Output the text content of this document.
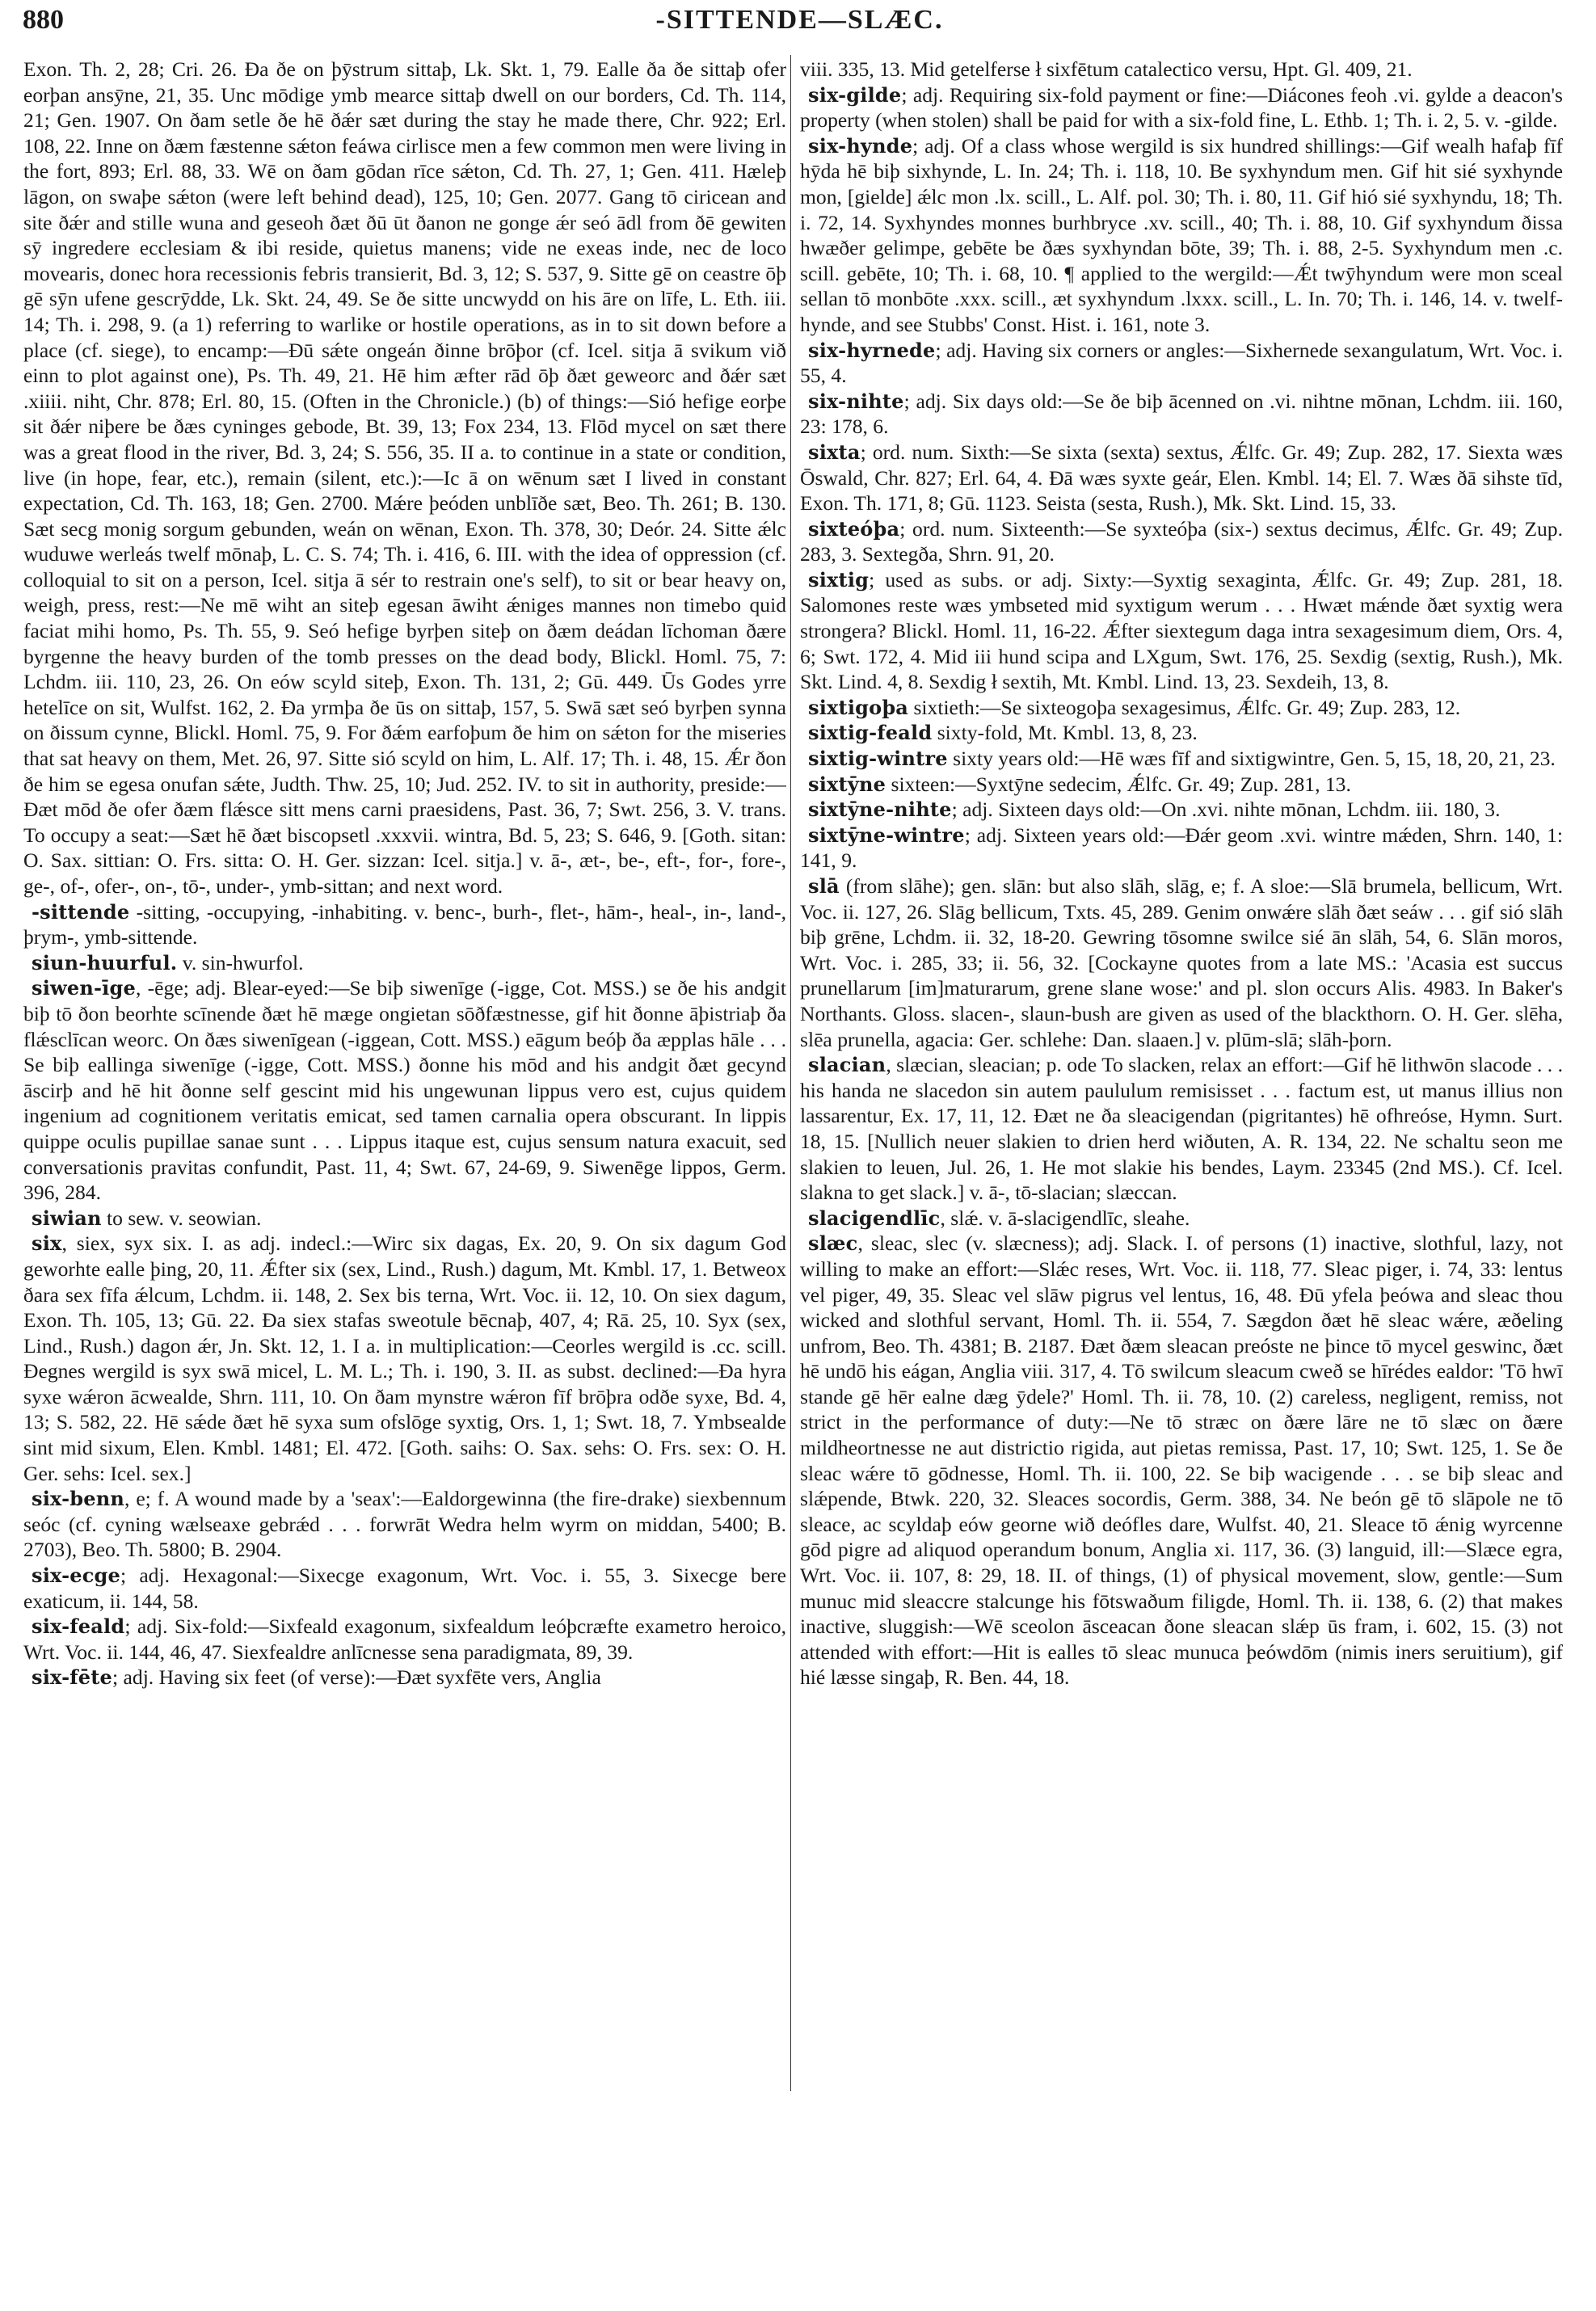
880	-SITTENDE—SLÆC.

Exon. Th. 2, 28; Cri. 26. Ða ðe on þȳstrum sittaþ, Lk. Skt. 1, 79. Ealle ða ðe sittaþ ofer eorþan ansȳne, 21, 35. Unc mōdige ymb mearce sittaþ dwell on our borders, Cd. Th. 114, 21; Gen. 1907. On ðam setle ðe hē ðǽr sæt during the stay he made there, Chr. 922; Erl. 108, 22. Inne on ðæm fæstenne sǽton feáwa cirlisce men a few common men were living in the fort, 893; Erl. 88, 33. Wē on ðam gōdan rīce sǽton, Cd. Th. 27, 1; Gen. 411. Hæleþ lāgon, on swaþe sǽton (were left behind dead), 125, 10; Gen. 2077. Gang tō ciricean and site ðǽr and stille wuna and geseoh ðæt ðū ūt ðanon ne gonge ǽr seó ādl from ðē gewiten sȳ ingredere ecclesiam & ibi reside, quietus manens; vide ne exeas inde, nec de loco movearis, donec hora recessionis febris transierit, Bd. 3, 12; S. 537, 9. Sitte gē on ceastre ōþ gē sȳn ufene gescrȳdde, Lk. Skt. 24, 49. Se ðe sitte uncwydd on his āre on līfe, L. Eth. iii. 14; Th. i. 298, 9. (a 1) referring to warlike or hostile operations, as in to sit down before a place (cf. siege), to encamp:—Ðū sǽte ongeán ðinne brōþor (cf. Icel. sitja ā svikum við einn to plot against one), Ps. Th. 49, 21. Hē him æfter rād ōþ ðæt geweorc and ðǽr sæt .xiiii. niht, Chr. 878; Erl. 80, 15. (Often in the Chronicle.) (b) of things:—Sió hefige eorþe sit ðǽr niþere be ðæs cyninges gebode, Bt. 39, 13; Fox 234, 13. Flōd mycel on sæt there was a great flood in the river, Bd. 3, 24; S. 556, 35. II a. to continue in a state or condition, live (in hope, fear, etc.), remain (silent, etc.):—Ic ā on wēnum sæt I lived in constant expectation, Cd. Th. 163, 18; Gen. 2700. Mǽre þeóden unblīðe sæt, Beo. Th. 261; B. 130. Sæt secg monig sorgum gebunden, weán on wēnan, Exon. Th. 378, 30; Deór. 24. Sitte ǽlc wuduwe werleás twelf mōnaþ, L. C. S. 74; Th. i. 416, 6. III. with the idea of oppression (cf. colloquial to sit on a person, Icel. sitja ā sér to restrain one's self), to sit or bear heavy on, weigh, press, rest:—Ne mē wiht an siteþ egesan āwiht ǽniges mannes non timebo quid faciat mihi homo, Ps. Th. 55, 9. Seó hefige byrþen siteþ on ðæm deádan līchoman ðære byrgenne the heavy burden of the tomb presses on the dead body, Blickl. Homl. 75, 7: Lchdm. iii. 110, 23, 26. On eów scyld siteþ, Exon. Th. 131, 2; Gū. 449. Ūs Godes yrre hetelīce on sit, Wulfst. 162, 2. Ða yrmþa ðe ūs on sittaþ, 157, 5. Swā sæt seó byrþen synna on ðissum cynne, Blickl. Homl. 75, 9. For ðǽm earfoþum ðe him on sǽton for the miseries that sat heavy on them, Met. 26, 97. Sitte sió scyld on him, L. Alf. 17; Th. i. 48, 15. Ǽr ðon ðe him se egesa onufan sǽte, Judth. Thw. 25, 10; Jud. 252. IV. to sit in authority, preside:—Ðæt mōd ðe ofer ðæm flǽsce sitt mens carni praesidens, Past. 36, 7; Swt. 256, 3. V. trans. To occupy a seat:—Sæt hē ðæt biscopsetl .xxxvii. wintra, Bd. 5, 23; S. 646, 9. [Goth. sitan: O. Sax. sittian: O. Frs. sitta: O. H. Ger. sizzan: Icel. sitja.] v. ā-, æt-, be-, eft-, for-, fore-, ge-, of-, ofer-, on-, tō-, under-, ymb-sittan; and next word.

-sittende -sitting, -occupying, -inhabiting. v. benc-, burh-, flet-, hām-, heal-, in-, land-, þrym-, ymb-sittende.

siun-huurful. v. sin-hwurfol.

siwen-īge, -ēge; adj. Blear-eyed:—Se biþ siwenīge (-igge, Cot. MSS.) se ðe his andgit biþ tō ðon beorhte scīnende ðæt hē mæge ongietan sōðfæstnesse, gif hit ðonne āþistriaþ ða flǽsclīcan weorc. On ðæs siwenīgean (-iggean, Cott. MSS.) eāgum beóþ ða æpplas hāle . . . Se biþ eallinga siwenīge (-igge, Cott. MSS.) ðonne his mōd and his andgit ðæt gecynd āscirþ and hē hit ðonne self gescint mid his ungewunan lippus vero est, cujus quidem ingenium ad cognitionem veritatis emicat, sed tamen carnalia opera obscurant. In lippis quippe oculis pupillae sanae sunt . . . Lippus itaque est, cujus sensum natura exacuit, sed conversationis pravitas confundit, Past. 11, 4; Swt. 67, 24-69, 9. Siwenēge lippos, Germ. 396, 284.

siwian to sew. v. seowian.

six, siex, syx six. I. as adj. indecl.:—Wirc six dagas, Ex. 20, 9. On six dagum God geworhte ealle þing, 20, 11. Ǽfter six (sex, Lind., Rush.) dagum, Mt. Kmbl. 17, 1. Betweox ðara sex fīfa ǽlcum, Lchdm. ii. 148, 2. Sex bis terna, Wrt. Voc. ii. 12, 10. On siex dagum, Exon. Th. 105, 13; Gū. 22. Ða siex stafas sweotule bēcnaþ, 407, 4; Rā. 25, 10. Syx (sex, Lind., Rush.) dagon ǽr, Jn. Skt. 12, 1. I a. in multiplication:—Ceorles wergild is .cc. scill. Ðegnes wergild is syx swā micel, L. M. L.; Th. i. 190, 3. II. as subst. declined:—Ða hyra syxe wǽron ācwealde, Shrn. 111, 10. On ðam mynstre wǽron fīf brōþra odðe syxe, Bd. 4, 13; S. 582, 22. Hē sǽde ðæt hē syxa sum ofslōge syxtig, Ors. 1, 1; Swt. 18, 7. Ymbsealde sint mid sixum, Elen. Kmbl. 1481; El. 472. [Goth. saihs: O. Sax. sehs: O. Frs. sex: O. H. Ger. sehs: Icel. sex.]

six-benn, e; f. A wound made by a 'seax':—Ealdorgewinna (the fire-drake) siexbennum seóc (cf. cyning wælseaxe gebrǽd . . . forwrāt Wedra helm wyrm on middan, 5400; B. 2703), Beo. Th. 5800; B. 2904.

six-ecge; adj. Hexagonal:—Sixecge exagonum, Wrt. Voc. i. 55, 3. Sixecge bere exaticum, ii. 144, 58.

six-feald; adj. Six-fold:—Sixfeald exagonum, sixfealdum leóþcræfte exametro heroico, Wrt. Voc. ii. 144, 46, 47. Siexfealdre anlīcnesse sena paradigmata, 89, 39.

six-fēte; adj. Having six feet (of verse):—Ðæt syxfēte vers, Anglia

viii. 335, 13. Mid getelferse ł sixfētum catalectico versu, Hpt. Gl. 409, 21.

six-gilde; adj. Requiring six-fold payment or fine:—Diácones feoh .vi. gylde a deacon's property (when stolen) shall be paid for with a six-fold fine, L. Ethb. 1; Th. i. 2, 5. v. -gilde.

six-hynde; adj. Of a class whose wergild is six hundred shillings:—Gif wealh hafaþ fīf hȳda hē biþ sixhynde, L. In. 24; Th. i. 118, 10. Be syxhyndum men. Gif hit sié syxhynde mon, [gielde] ǽlc mon .lx. scill., L. Alf. pol. 30; Th. i. 80, 11. Gif hió sié syxhyndu, 18; Th. i. 72, 14. Syxhyndes monnes burhbryce .xv. scill., 40; Th. i. 88, 10. Gif syxhyndum ðissa hwæðer gelimpe, gebēte be ðæs syxhyndan bōte, 39; Th. i. 88, 2-5. Syxhyndum men .c. scill. gebēte, 10; Th. i. 68, 10. ¶ applied to the wergild:—Ǽt twȳhyndum were mon sceal sellan tō monbōte .xxx. scill., æt syxhyndum .lxxx. scill., L. In. 70; Th. i. 146, 14. v. twelf-hynde, and see Stubbs' Const. Hist. i. 161, note 3.

six-hyrnede; adj. Having six corners or angles:—Sixhernede sexangulatum, Wrt. Voc. i. 55, 4.

six-nihte; adj. Six days old:—Se ðe biþ ācenned on .vi. nihtne mōnan, Lchdm. iii. 160, 23: 178, 6.

sixta; ord. num. Sixth:—Se sixta (sexta) sextus, Ǽlfc. Gr. 49; Zup. 282, 17. Siexta wæs Ōswald, Chr. 827; Erl. 64, 4. Ðā wæs syxte geár, Elen. Kmbl. 14; El. 7. Wæs ðā sihste tīd, Exon. Th. 171, 8; Gū. 1123. Seista (sesta, Rush.), Mk. Skt. Lind. 15, 33.

sixteóþa; ord. num. Sixteenth:—Se syxteóþa (six-) sextus decimus, Ǽlfc. Gr. 49; Zup. 283, 3. Sextegða, Shrn. 91, 20.

sixtig; used as subs. or adj. Sixty:—Syxtig sexaginta, Ǽlfc. Gr. 49; Zup. 281, 18. Salomones reste wæs ymbseted mid syxtigum werum . . . Hwæt mǽnde ðæt syxtig wera strongera? Blickl. Homl. 11, 16-22. Ǽfter siextegum daga intra sexagesimum diem, Ors. 4, 6; Swt. 172, 4. Mid iii hund scipa and LXgum, Swt. 176, 25. Sexdig (sextig, Rush.), Mk. Skt. Lind. 4, 8. Sexdig ł sextih, Mt. Kmbl. Lind. 13, 23. Sexdeih, 13, 8.

sixtigoþa sixtieth:—Se sixteogoþa sexagesimus, Ǽlfc. Gr. 49; Zup. 283, 12.

sixtig-feald sixty-fold, Mt. Kmbl. 13, 8, 23.

sixtig-wintre sixty years old:—Hē wæs fīf and sixtigwintre, Gen. 5, 15, 18, 20, 21, 23.

sixtȳne sixteen:—Syxtȳne sedecim, Ǽlfc. Gr. 49; Zup. 281, 13.

sixtȳne-nihte; adj. Sixteen days old:—On .xvi. nihte mōnan, Lchdm. iii. 180, 3.

sixtȳne-wintre; adj. Sixteen years old:—Ðǽr geom .xvi. wintre mǽden, Shrn. 140, 1: 141, 9.

slā (from slāhe); gen. slān: but also slāh, slāg, e; f. A sloe:—Slā brumela, bellicum, Wrt. Voc. ii. 127, 26. Slāg bellicum, Txts. 45, 289. Genim onwǽre slāh ðæt seáw . . . gif sió slāh biþ grēne, Lchdm. ii. 32, 18-20. Gewring tōsomne swilce sié ān slāh, 54, 6. Slān moros, Wrt. Voc. i. 285, 33; ii. 56, 32. [Cockayne quotes from a late MS.: 'Acasia est succus prunellarum [im]maturarum, grene slane wose:' and pl. slon occurs Alis. 4983. In Baker's Northants. Gloss. slacen-, slaun-bush are given as used of the blackthorn. O. H. Ger. slēha, slēa prunella, agacia: Ger. schlehe: Dan. slaaen.] v. plūm-slā; slāh-þorn.

slacian, slæcian, sleacian; p. ode To slacken, relax an effort:—Gif hē lithwōn slacode . . . his handa ne slacedon sin autem paululum remisisset . . . factum est, ut manus illius non lassarentur, Ex. 17, 11, 12. Ðæt ne ða sleacigendan (pigritantes) hē ofhreóse, Hymn. Surt. 18, 15. [Nullich neuer slakien to drien herd wiðuten, A. R. 134, 22. Ne schaltu seon me slakien to leuen, Jul. 26, 1. He mot slakie his bendes, Laym. 23345 (2nd MS.). Cf. Icel. slakna to get slack.] v. ā-, tō-slacian; slæccan.

slacigendlīc, slǽ. v. ā-slacigendlīc, sleahe.

slæc, sleac, slec (v. slæcness); adj. Slack. I. of persons (1) inactive, slothful, lazy, not willing to make an effort:—Slǽc reses, Wrt. Voc. ii. 118, 77. Sleac piger, i. 74, 33: lentus vel piger, 49, 35. Sleac vel slāw pigrus vel lentus, 16, 48. Ðū yfela þeówa and sleac thou wicked and slothful servant, Homl. Th. ii. 554, 7. Sægdon ðæt hē sleac wǽre, æðeling unfrom, Beo. Th. 4381; B. 2187. Ðæt ðæm sleacan preóste ne þince tō mycel geswinc, ðæt hē undō his eágan, Anglia viii. 317, 4. Tō swilcum sleacum cweð se hīrédes ealdor: 'Tō hwī stande gē hēr ealne dæg ȳdele?' Homl. Th. ii. 78, 10. (2) careless, negligent, remiss, not strict in the performance of duty:—Ne tō stræc on ðære lāre ne tō slæc on ðære mildheortnesse ne aut districtio rigida, aut pietas remissa, Past. 17, 10; Swt. 125, 1. Se ðe sleac wǽre tō gōdnesse, Homl. Th. ii. 100, 22. Se biþ wacigende . . . se biþ sleac and slǽpende, Btwk. 220, 32. Sleaces socordis, Germ. 388, 34. Ne beón gē tō slāpole ne tō sleace, ac scyldaþ eów georne wið deófles dare, Wulfst. 40, 21. Sleace tō ǽnig wyrcenne gōd pigre ad aliquod operandum bonum, Anglia xi. 117, 36. (3) languid, ill:—Slæce egra, Wrt. Voc. ii. 107, 8: 29, 18. II. of things, (1) of physical movement, slow, gentle:—Sum munuc mid sleaccre stalcunge his fōtswaðum filigde, Homl. Th. ii. 138, 6. (2) that makes inactive, sluggish:—Wē sceolon āsceacan ðone sleacan slǽp ūs fram, i. 602, 15. (3) not attended with effort:—Hit is ealles tō sleac munuca þeówdōm (nimis iners seruitium), gif hié læsse singaþ, R. Ben. 44, 18.
